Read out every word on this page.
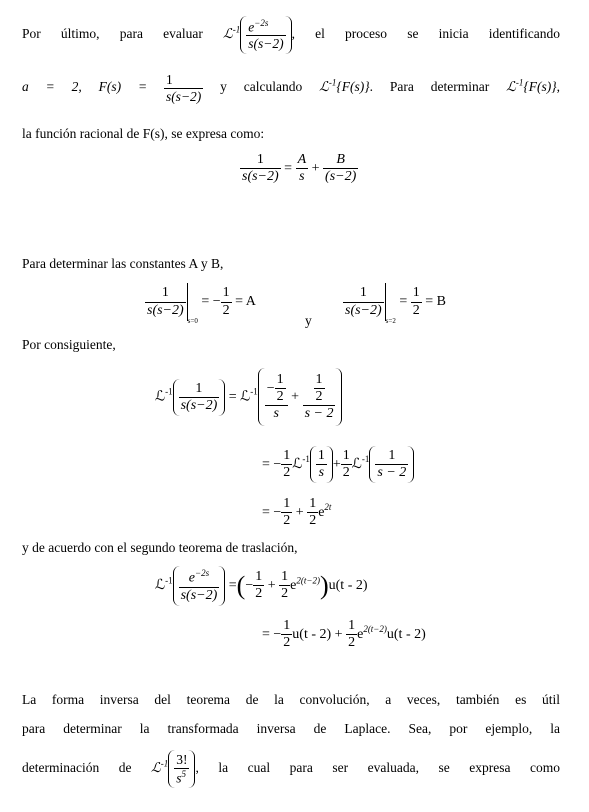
Por último, para evaluar ℒ$^{-1}$ $\frac{e^{-2s}}{s(s-2)}$ , el proceso se inicia identificando
a = 2, $F(s) = \frac{1}{s(s-2)}$ y calculando ℒ$^{-1}${F(s)}. Para determinar ℒ$^{-1}${F(s)},
la función racional de F(s), se expresa como:
$\frac{1}{s(s-2)} = \frac{A}{s} + \frac{B}{(s-2)}$
Para determinar las constantes A y B,
$\frac{1}{s(s-2)}$
$_{s=0}$ = − $\frac{1}{2} = A$
y
$\frac{1}{s(s-2)}$
$_{s=2} = \frac{1}{2} = B$
Por consiguiente,
ℒ$^{-1}$ $\frac{1}{s(s-2)}$ = ℒ$^{-1}$ $\frac{- \frac{1}{2}}{s} + \frac{\frac{1}{2}}{s - 2}$
= − $\frac{1}{2}$ ℒ$^{-1}$ $\frac{1}{s} + \frac{1}{2}$ ℒ$^{-1}$ $\frac{1}{s - 2}$
= − $\frac{1}{2} + \frac{1}{2} e^{2t}$
y de acuerdo con el segundo teorema de traslación,
ℒ$^{-1}$ $\frac{e^{-2s}}{s(s-2)}$ =(− $\frac{1}{2} + \frac{1}{2} e^{2(t-2)})u(t - 2)$
= − $\frac{1}{2} u(t - 2) + \frac{1}{2} e^{2(t-2)}u(t - 2)$
La forma inversa del teorema de la convolución, a veces, también es útil
para determinar la transformada inversa de Laplace. Sea, por ejemplo, la
determinación de ℒ$^{-1}$ $\frac{3!}{s^5}$ , la cual para ser evaluada, se expresa como
